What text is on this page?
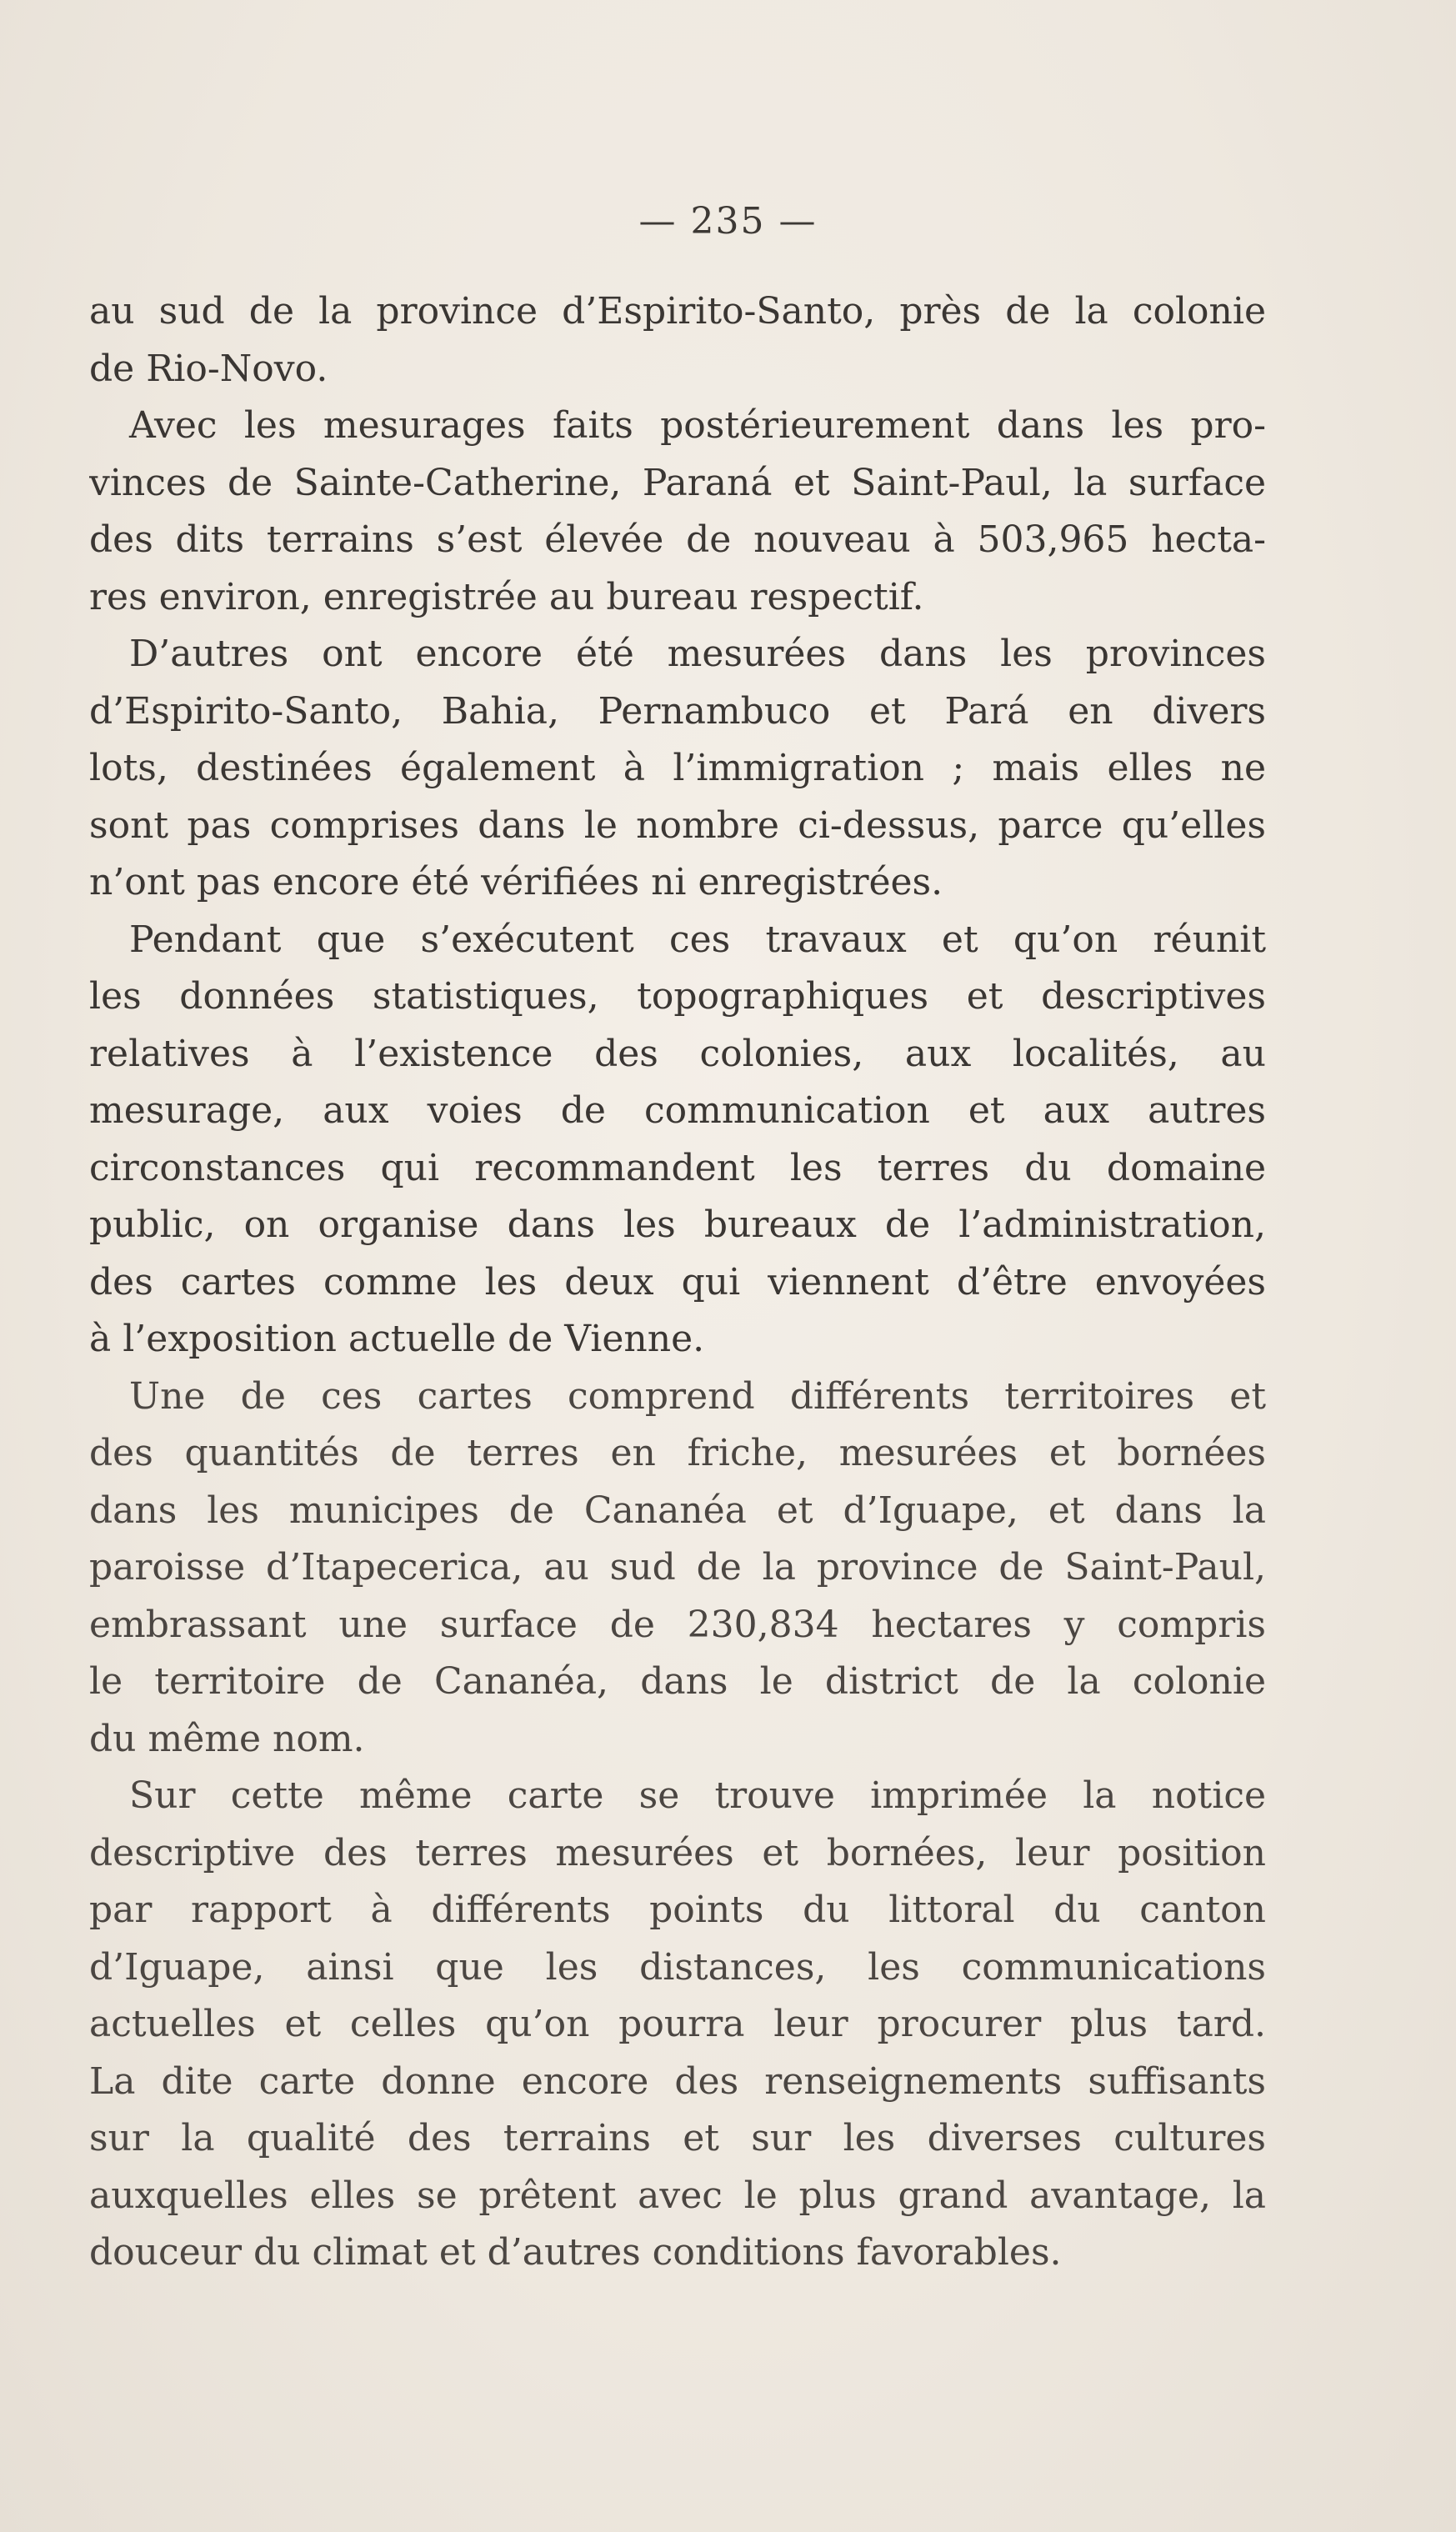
— 235 —
au sud de la province d’Espirito-Santo, près de la colonie
de Rio-Novo.
Avec les mesurages faits postérieurement dans les pro-
vinces de Sainte-Catherine, Paraná et Saint-Paul, la surface
des dits terrains s’est élevée de nouveau à 503,965 hecta-
res environ, enregistrée au bureau respectif.
D’autres ont encore été mesurées dans les provinces
d’Espirito-Santo, Bahia, Pernambuco et Pará en divers
lots, destinées également à l’immigration ; mais elles ne
sont pas comprises dans le nombre ci-dessus, parce qu’elles
n’ont pas encore été vérifiées ni enregistrées.
Pendant que s’exécutent ces travaux et qu’on réunit
les données statistiques, topographiques et descriptives
relatives à l’existence des colonies, aux localités, au
mesurage, aux voies de communication et aux autres
circonstances qui recommandent les terres du domaine
public, on organise dans les bureaux de l’administration,
des cartes comme les deux qui viennent d’être envoyées
à l’exposition actuelle de Vienne.
Une de ces cartes comprend différents territoires et
des quantités de terres en friche, mesurées et bornées
dans les municipes de Cananéa et d’Iguape, et dans la
paroisse d’Itapecerica, au sud de la province de Saint-Paul,
embrassant une surface de 230,834 hectares y compris
le territoire de Cananéa, dans le district de la colonie
du même nom.
Sur cette même carte se trouve imprimée la notice
descriptive des terres mesurées et bornées, leur position
par rapport à différents points du littoral du canton
d’Iguape, ainsi que les distances, les communications
actuelles et celles qu’on pourra leur procurer plus tard.
La dite carte donne encore des renseignements suffisants
sur la qualité des terrains et sur les diverses cultures
auxquelles elles se prêtent avec le plus grand avantage, la
douceur du climat et d’autres conditions favorables.
